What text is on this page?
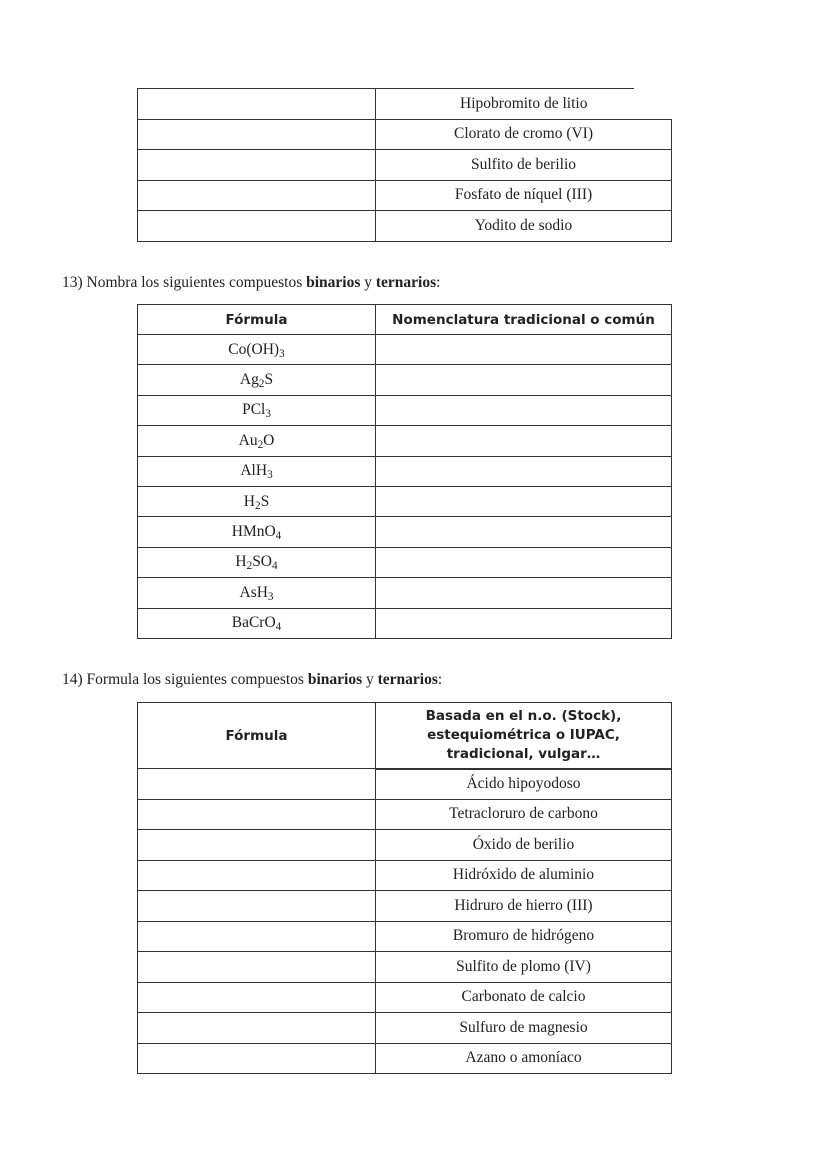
	Hipobromito de litio
	Clorato de cromo (VI)
	Sulfito de berilio
	Fosfato de níquel (III)
	Yodito de sodio
13) Nombra los siguientes compuestos binarios y ternarios:
Fórmula	Nomenclatura tradicional o común
$Co(OH)_3$	
$Ag_2S$	
PCl$_3$	
$Au_2O$	
AlH$_3$	
$H_2S$	
HMnO$_4$	
$H_2SO_4$	
AsH$_3$	
BaCrO$_4$	
14) Formula los siguientes compuestos binarios y ternarios:
Fórmula	Basada en el n.o. (Stock),
estequiométrica o IUPAC,
tradicional, vulgar…
	Ácido hipoyodoso
	Tetracloruro de carbono
	Óxido de berilio
	Hidróxido de aluminio
	Hidruro de hierro (III)
	Bromuro de hidrógeno
	Sulfito de plomo (IV)
	Carbonato de calcio
	Sulfuro de magnesio
	Azano o amoníaco
